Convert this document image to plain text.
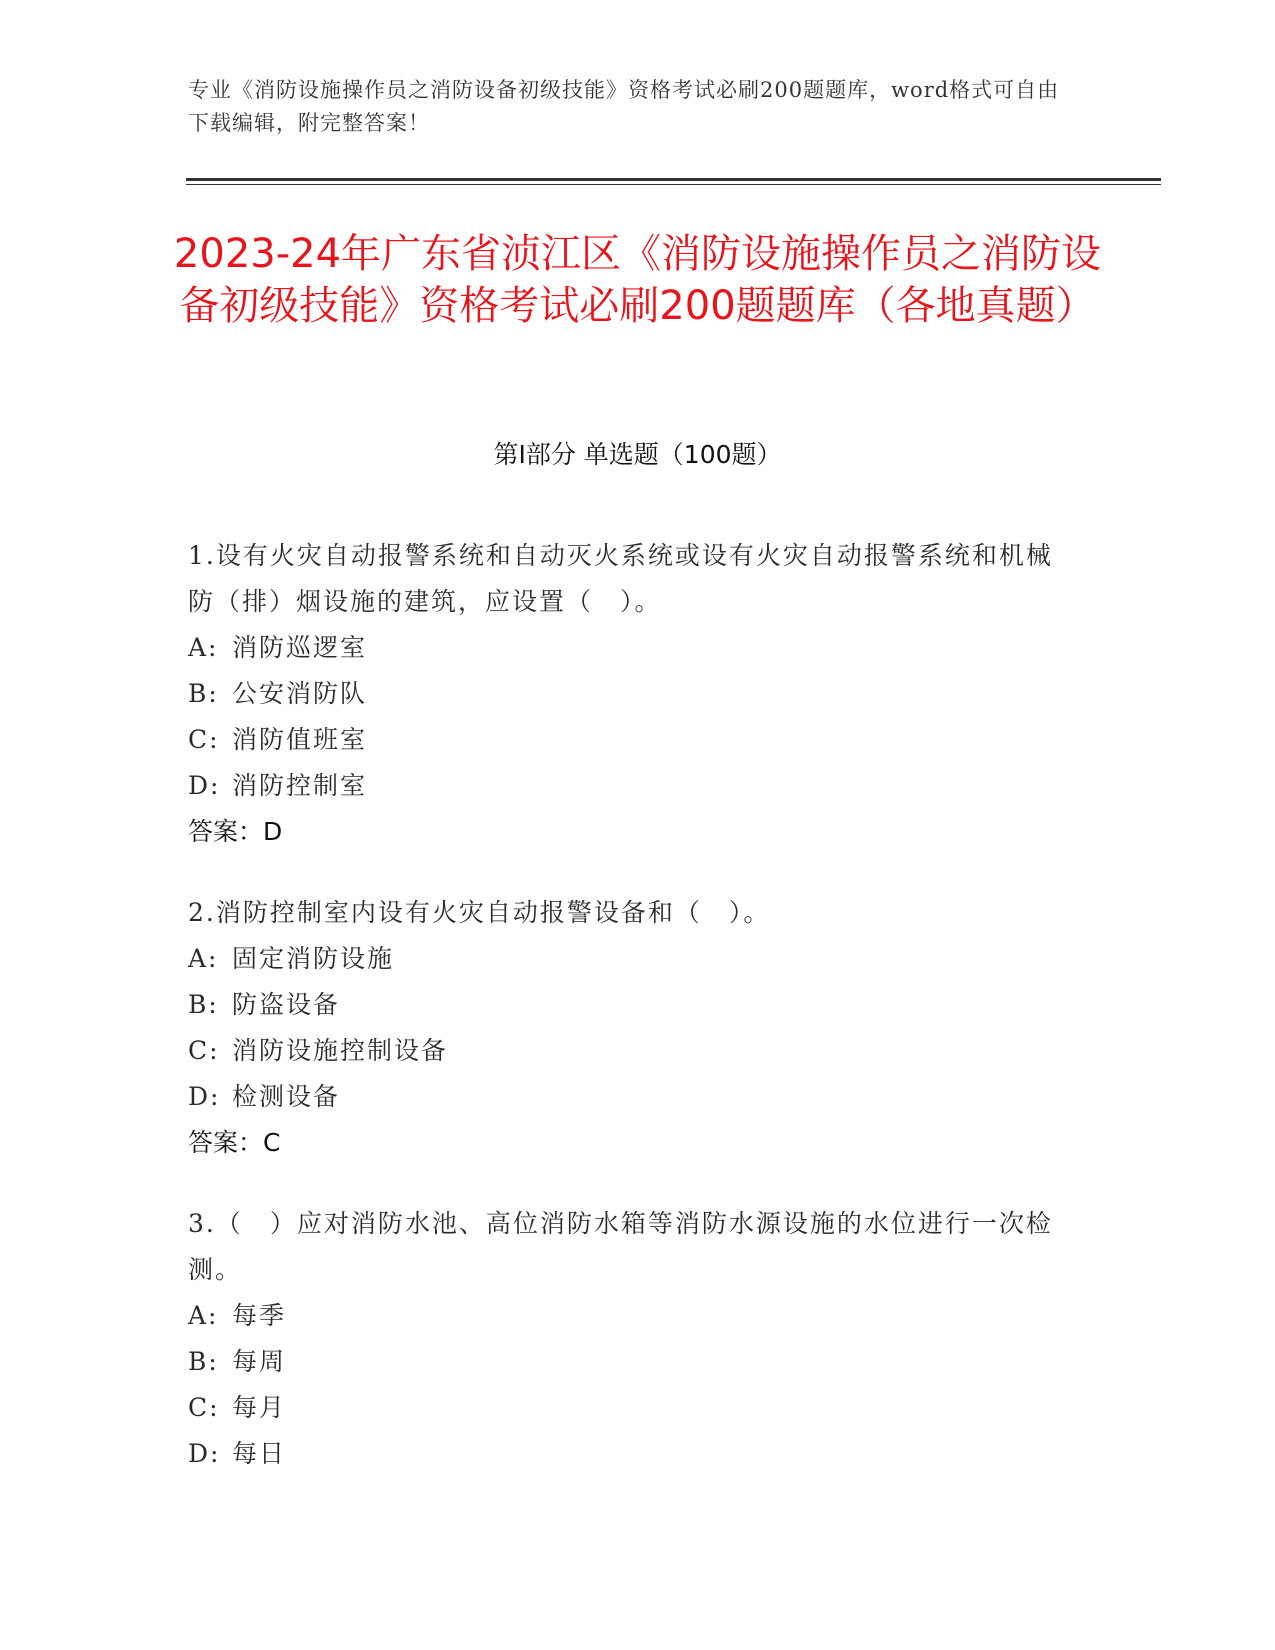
专业《消防设施操作员之消防设备初级技能》资格考试必刷200题题库，word格式可自由下载编辑，附完整答案！
2023-24年广东省浈江区《消防设施操作员之消防设备初级技能》资格考试必刷200题题库（各地真题）
第I部分 单选题（100题）
1.设有火灾自动报警系统和自动灭火系统或设有火灾自动报警系统和机械防（排）烟设施的建筑，应设置（　）。
A: 消防巡逻室
B: 公安消防队
C: 消防值班室
D: 消防控制室
答案：D
2.消防控制室内设有火灾自动报警设备和（　）。
A: 固定消防设施
B: 防盗设备
C: 消防设施控制设备
D: 检测设备
答案：C
3.（　）应对消防水池、高位消防水箱等消防水源设施的水位进行一次检测。
A: 每季
B: 每周
C: 每月
D: 每日
